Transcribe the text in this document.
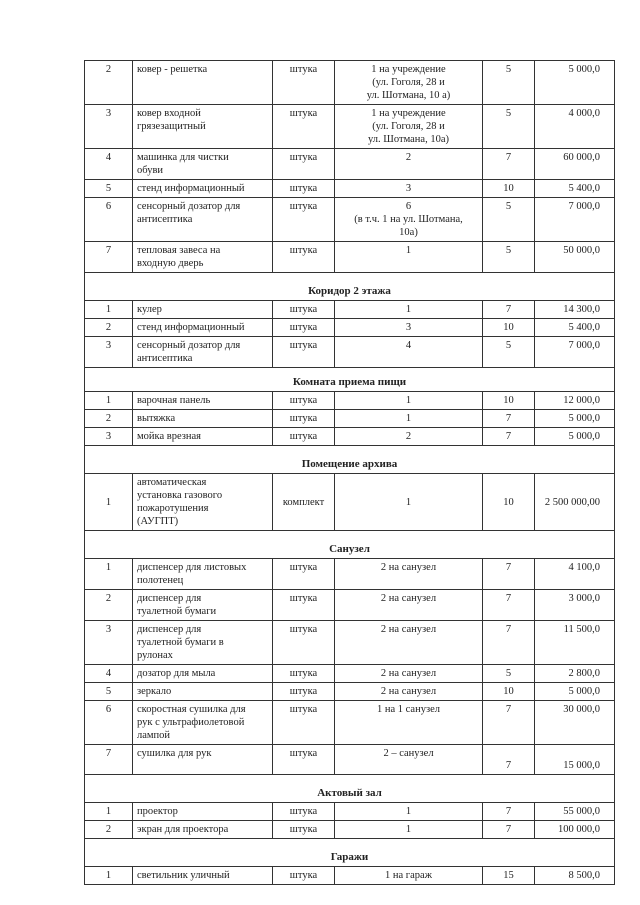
2	ковер - решетка	штука	1 на учреждение
(ул. Гоголя, 28 и
ул. Шотмана, 10 а)	5	5 000,0
3	ковер входной
грязезащитный	штука	1 на учреждение
(ул. Гоголя, 28 и
ул. Шотмана, 10а)	5	4 000,0
4	машинка для чистки
обуви	штука	2	7	60 000,0
5	стенд информационный	штука	3	10	5 400,0
6	сенсорный дозатор для
антисептика	штука	6
(в т.ч. 1 на ул. Шотмана,
10а)	5	7 000,0
7	тепловая завеса на
входную дверь	штука	1	5	50 000,0
Коридор 2 этажа					
1	кулер	штука	1	7	14 300,0
2	стенд информационный	штука	3	10	5 400,0
3	сенсорный дозатор для
антисептика	штука	4	5	7 000,0
Комната приема пищи					
1	варочная панель	штука	1	10	12 000,0
2	вытяжка	штука	1	7	5 000,0
3	мойка врезная	штука	2	7	5 000,0
Помещение архива					
1	автоматическая
установка газового
пожаротушения
(АУГПТ)	комплект	1	10	2 500 000,00
Санузел					
1	диспенсер для листовых
полотенец	штука	2 на санузел	7	4 100,0
2	диспенсер для
туалетной бумаги	штука	2 на санузел	7	3 000,0
3	диспенсер для
туалетной бумаги в
рулонах	штука	2 на санузел	7	11 500,0
4	дозатор для мыла	штука	2 на санузел	5	2 800,0
5	зеркало	штука	2 на санузел	10	5 000,0
6	скоростная сушилка для
рук с ультрафиолетовой
лампой	штука	1 на 1 санузел	7	30 000,0
7	сушилка для рук	штука	2 – санузел	7	15 000,0
Актовый зал					
1	проектор	штука	1	7	55 000,0
2	экран для проектора	штука	1	7	100 000,0
Гаражи					
1	светильник уличный	штука	1 на гараж	15	8 500,0
